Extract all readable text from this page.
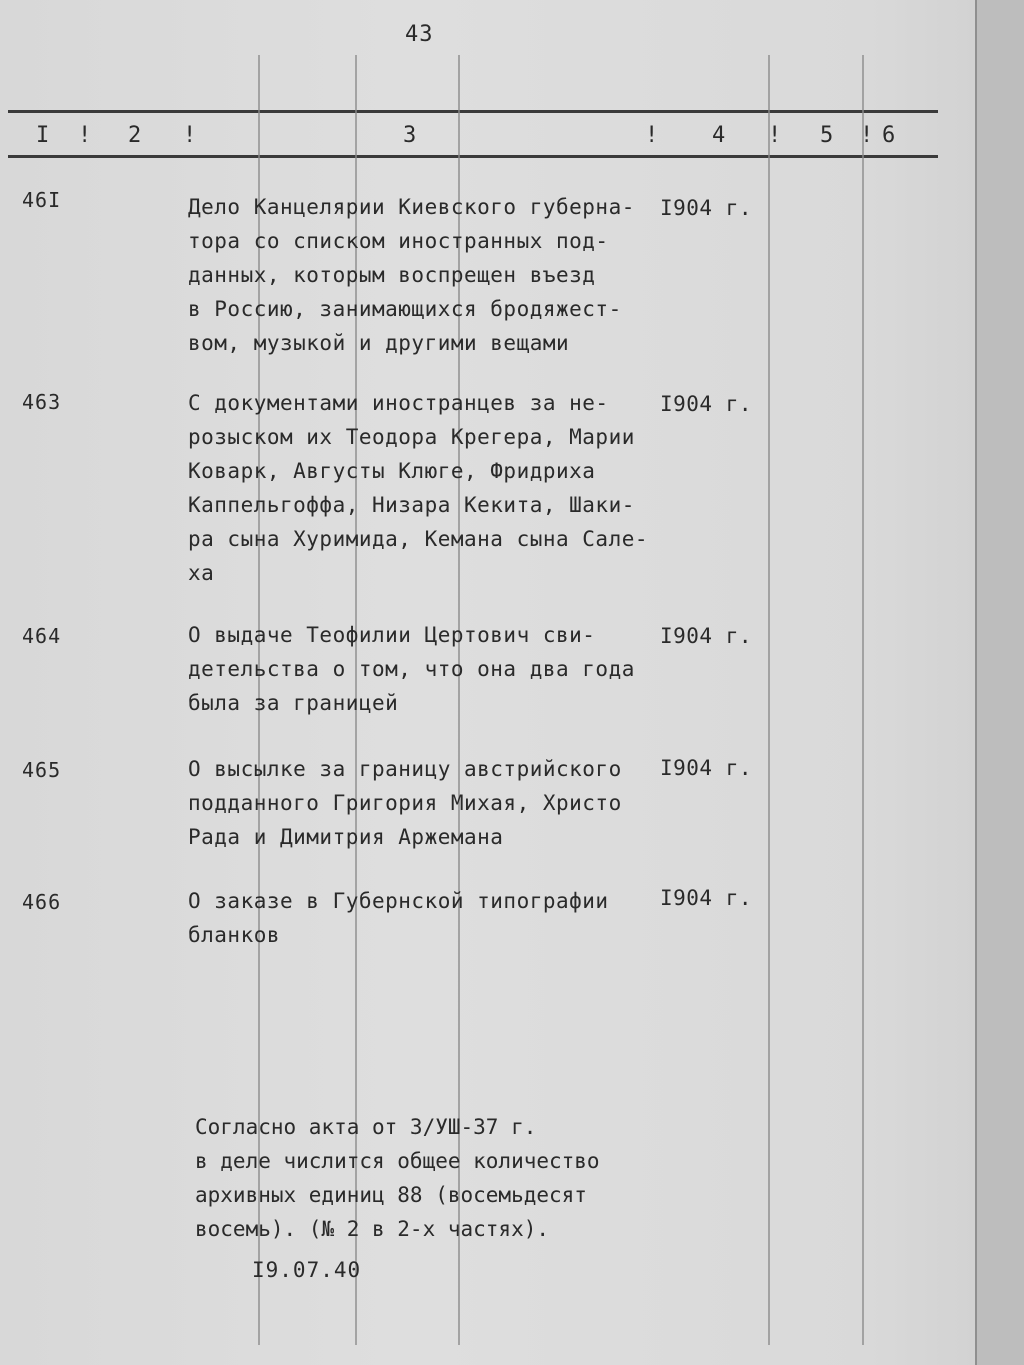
43
I ! 2 !	3	! 4 ! 5 ! 6
46I	Дело Канцелярии Киевского губерна-
тора со списком иностранных под-
данных, которым воспрещен въезд
в Россию, занимающихся бродяжест-
вом, музыкой и другими вещами
I904 г.
463	С документами иностранцев за не-
розыском их Теодора Крегера, Марии
Коварк, Августы Клюге, Фридриха
Каппельгоффа, Низара Кекита, Шаки-
ра сына Хуримида, Кемана сына Сале-
ха
I904 г.
464	О выдаче Теофилии Цертович сви-
детельства о том, что она два года
была за границей
I904 г.
465	О высылке за границу австрийского
подданного Григория Михая, Христо
Рада и Димитрия Аржемана
I904 г.
466	О заказе в Губернской типографии
бланков
I904 г.
Согласно акта от 3/УШ-37 г.
в деле числится общее количество
архивных единиц 88 (восемьдесят
восемь). (№ 2 в 2-х частях).
I9.07.40
